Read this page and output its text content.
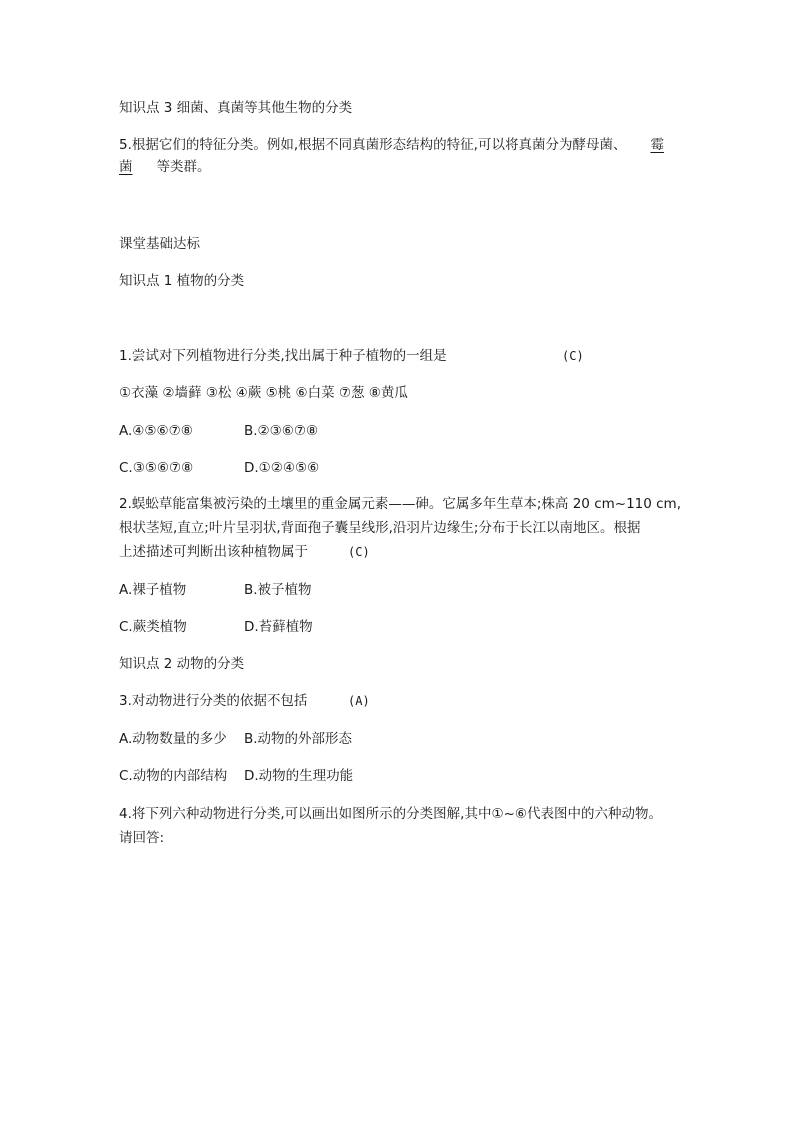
知识点 3 细菌、真菌等其他生物的分类
5.根据它们的特征分类。例如,根据不同真菌形态结构的特征,可以将真菌分为酵母菌、 霉
菌 等类群。
课堂基础达标
知识点 1 植物的分类
1.尝试对下列植物进行分类,找出属于种子植物的一组是	(C)
①衣藻 ②墙藓 ③松 ④蕨 ⑤桃 ⑥白菜 ⑦葱 ⑧黄瓜
A.④⑤⑥⑦⑧	B.②③⑥⑦⑧
C.③⑤⑥⑦⑧	D.①②④⑤⑥
2.蜈蚣草能富集被污染的土壤里的重金属元素——砷。它属多年生草本;株高 20 cm~110 cm,
根状茎短,直立;叶片呈羽状,背面孢子囊呈线形,沿羽片边缘生;分布于长江以南地区。根据
上述描述可判断出该种植物属于	(C)
A.裸子植物	B.被子植物
C.蕨类植物	D.苔藓植物
知识点 2 动物的分类
3.对动物进行分类的依据不包括	(A)
A.动物数量的多少 B.动物的外部形态
C.动物的内部结构 D.动物的生理功能
4.将下列六种动物进行分类,可以画出如图所示的分类图解,其中①~⑥代表图中的六种动物。
请回答:
